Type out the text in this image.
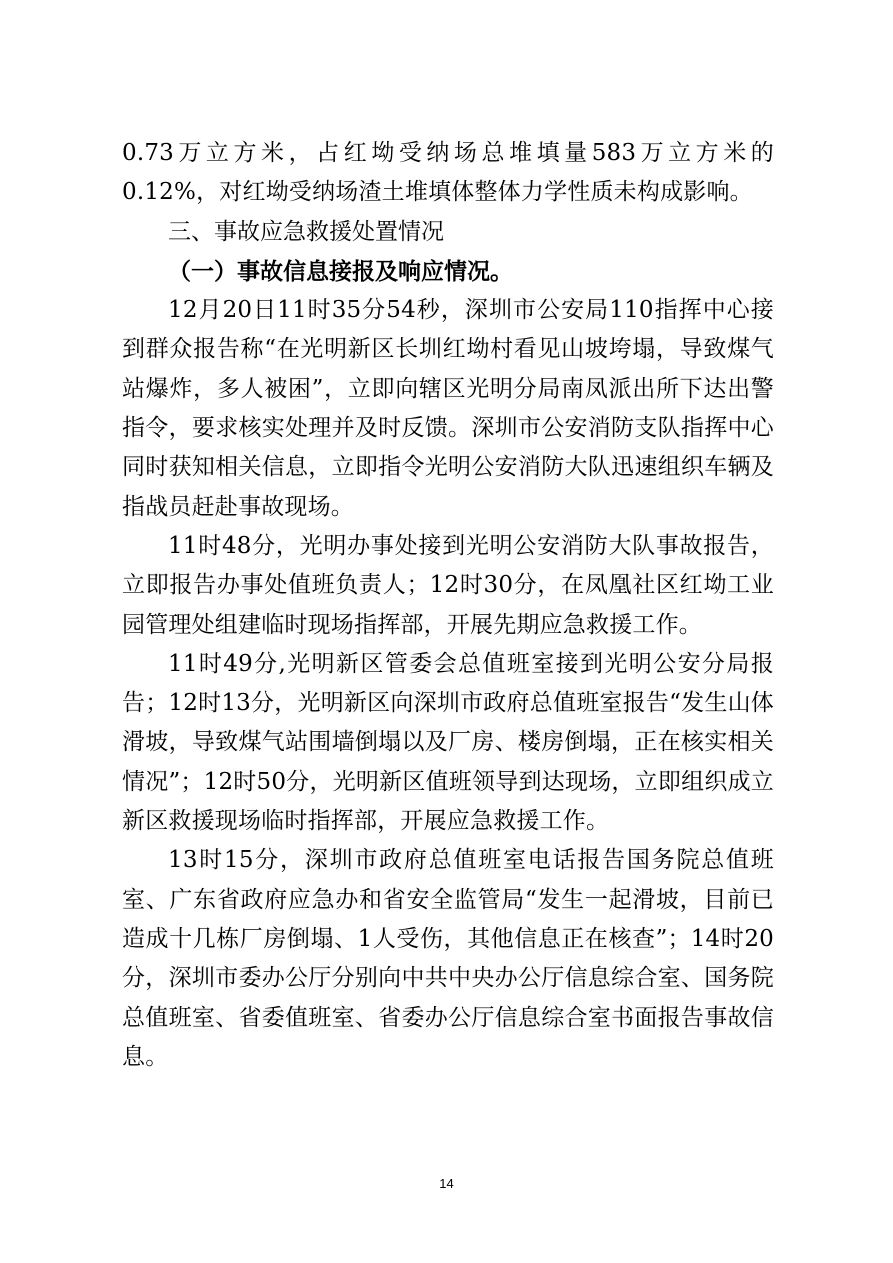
0.73万立方米，占红坳受纳场总堆填量583万立方米的0.12%，对红坳受纳场渣土堆填体整体力学性质未构成影响。

三、事故应急救援处置情况

（一）事故信息接报及响应情况。

12月20日11时35分54秒，深圳市公安局110指挥中心接到群众报告称“在光明新区长圳红坳村看见山坡垮塌，导致煤气站爆炸，多人被困”，立即向辖区光明分局南凤派出所下达出警指令，要求核实处理并及时反馈。深圳市公安消防支队指挥中心同时获知相关信息，立即指令光明公安消防大队迅速组织车辆及指战员赶赴事故现场。

11时48分，光明办事处接到光明公安消防大队事故报告，立即报告办事处值班负责人；12时30分，在凤凰社区红坳工业园管理处组建临时现场指挥部，开展先期应急救援工作。

11时49分,光明新区管委会总值班室接到光明公安分局报告；12时13分，光明新区向深圳市政府总值班室报告“发生山体滑坡，导致煤气站围墙倒塌以及厂房、楼房倒塌，正在核实相关情况”；12时50分，光明新区值班领导到达现场，立即组织成立新区救援现场临时指挥部，开展应急救援工作。

13时15分，深圳市政府总值班室电话报告国务院总值班室、广东省政府应急办和省安全监管局“发生一起滑坡，目前已造成十几栋厂房倒塌、1人受伤，其他信息正在核查”；14时20分，深圳市委办公厅分别向中共中央办公厅信息综合室、国务院总值班室、省委值班室、省委办公厅信息综合室书面报告事故信息。

14
